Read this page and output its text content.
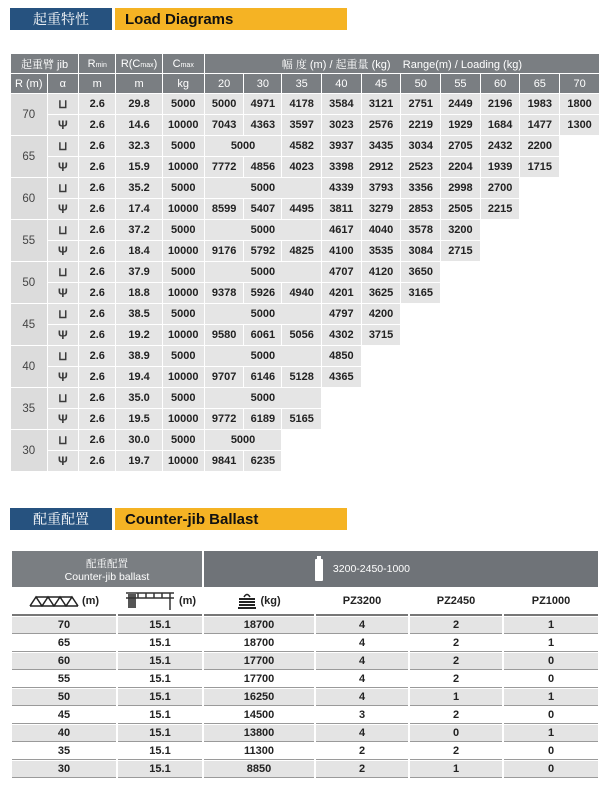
起重特性	Load Diagrams
起重臂 jib		Rmin	R(Cmax)	Cmax	幅 度 (m) / 起重量 (kg)    Range(m) / Loading (kg)									
R (m)	α	m	m	kg	20	30	35	40	45	50	55	60	65	70
70	⊔	2.6	29.8	5000	5000	4971	4178	3584	3121	2751	2449	2196	1983	1800
	Ψ	2.6	14.6	10000	7043	4363	3597	3023	2576	2219	1929	1684	1477	1300
65	⊔	2.6	32.3	5000	5000		4582	3937	3435	3034	2705	2432	2200	
	Ψ	2.6	15.9	10000	7772	4856	4023	3398	2912	2523	2204	1939	1715	
60	⊔	2.6	35.2	5000	5000			4339	3793	3356	2998	2700		
	Ψ	2.6	17.4	10000	8599	5407	4495	3811	3279	2853	2505	2215		
55	⊔	2.6	37.2	5000	5000			4617	4040	3578	3200			
	Ψ	2.6	18.4	10000	9176	5792	4825	4100	3535	3084	2715			
50	⊔	2.6	37.9	5000	5000			4707	4120	3650				
	Ψ	2.6	18.8	10000	9378	5926	4940	4201	3625	3165				
45	⊔	2.6	38.5	5000	5000			4797	4200					
	Ψ	2.6	19.2	10000	9580	6061	5056	4302	3715					
40	⊔	2.6	38.9	5000	5000			4850						
	Ψ	2.6	19.4	10000	9707	6146	5128	4365						
35	⊔	2.6	35.0	5000	5000									
	Ψ	2.6	19.5	10000	9772	6189	5165							
30	⊔	2.6	30.0	5000	5000									
	Ψ	2.6	19.7	10000	9841	6235								
配重配置	Counter-jib Ballast
配重配置
Counter-jib ballast		3200-2450-1000			
(m)	(m)	(kg)	PZ3200	PZ2450	PZ1000
70	15.1	18700	4	2	1
65	15.1	18700	4	2	1
60	15.1	17700	4	2	0
55	15.1	17700	4	2	0
50	15.1	16250	4	1	1
45	15.1	14500	3	2	0
40	15.1	13800	4	0	1
35	15.1	11300	2	2	0
30	15.1	8850	2	1	0
